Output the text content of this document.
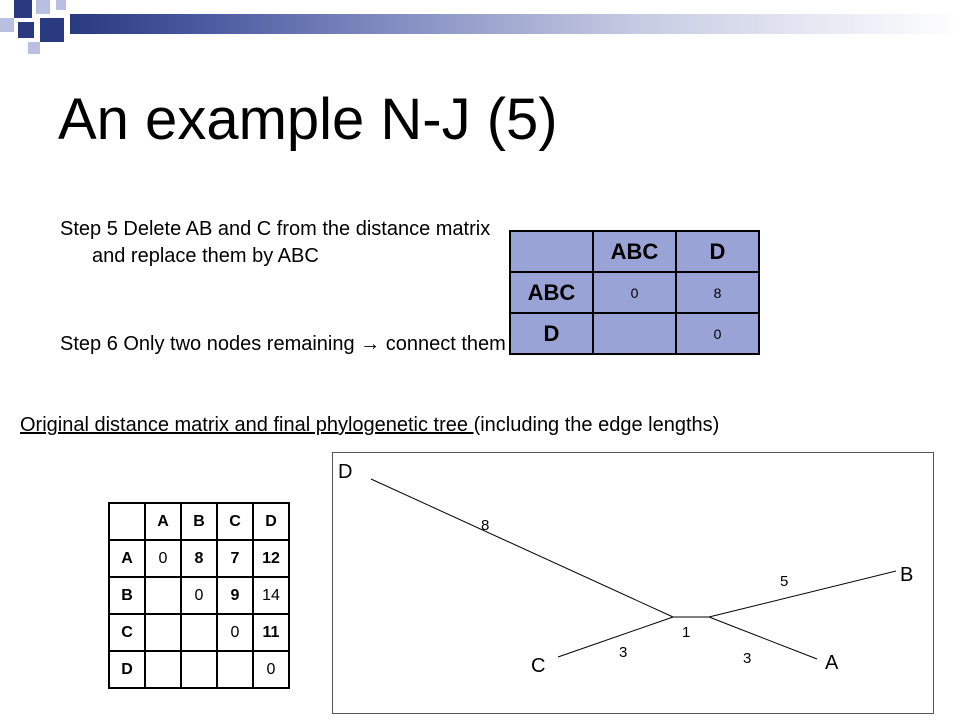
An example N-J (5)
Step 5 Delete AB and C from the distance matrix and replace them by ABC
Step 6 Only two nodes remaining → connect them
	ABC	D
ABC	0	8
D		0
Original distance matrix and final phylogenetic tree (including the edge lengths)
	A	B	C	D
A	0	8	7	12
B		0	9	14
C			0	11
D				0
D
B
C	A
8
5
1
3	3
